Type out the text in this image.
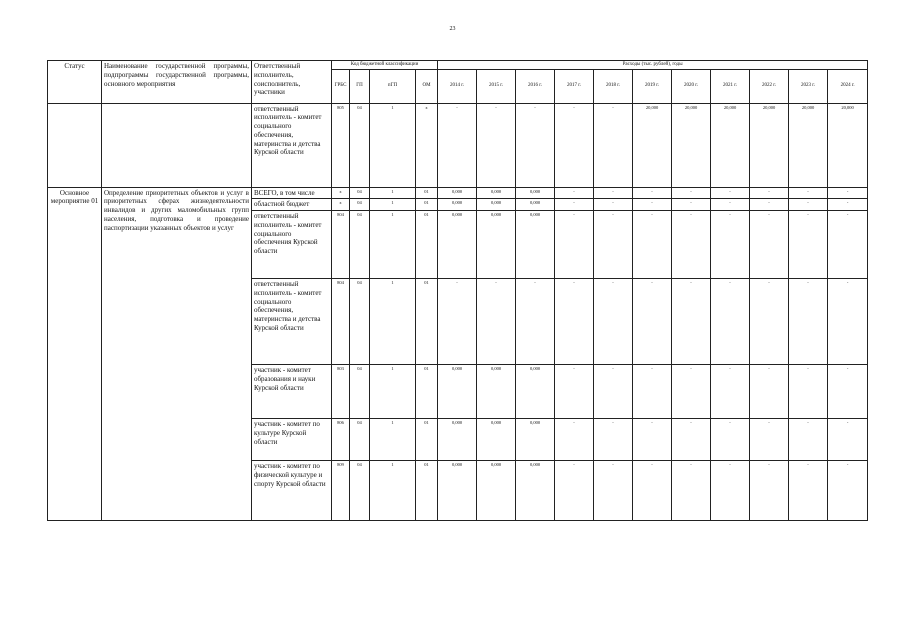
23
Статус	Наименование государственной программы, подпрограммы государственной программы, основного мероприятия	Ответственный исполнитель, соисполнитель, участники	Код бюджетной классификации				Расходы (тыс. рублей), годы										
			ГРБС	ГП	пГП	ОМ	2014 г.	2015 г.	2016 г.	2017 г.	2018 г.	2019 г.	2020 г.	2021 г.	2022 г.	2023 г.	2024 г.
		ответственный исполнитель - комитет социального обеспечения, материнства и детства Курской области	805	04	1	х	-	-	-	-	-	20,000	20,000	20,000	20,000	20,000	20,000
Основное мероприятие 01	Определение приоритетных объектов и услуг в приоритетных сферах жизнедеятельности инвалидов и других маломобильных групп населения, подготовка и проведение паспортизации указанных объектов и услуг	ВСЕГО, в том числе	х	04	1	01	0,000	0,000	0,000	-	-	-	-	-	-	-	-
		областной бюджет	х	04	1	01	0,000	0,000	0,000	-	-	-	-	-	-	-	-
		ответственный исполнитель - комитет социального обеспечения Курской области	804	04	1	01	0,000	0,000	0,000	-	-	-	-	-	-	-	-
		ответственный исполнитель - комитет социального обеспечения, материнства и детства Курской области	804	04	1	01	-	-	-	-	-	-	-	-	-	-	-
		участник - комитет образования и науки Курской области	803	04	1	01	0,000	0,000	0,000	-	-	-	-	-	-	-	-
		участник - комитет по культуре Курской области	806	04	1	01	0,000	0,000	0,000	-	-	-	-	-	-	-	-
		участник - комитет по физической культуре и спорту Курской области	809	04	1	01	0,000	0,000	0,000	-	-	-	-	-	-	-	-
